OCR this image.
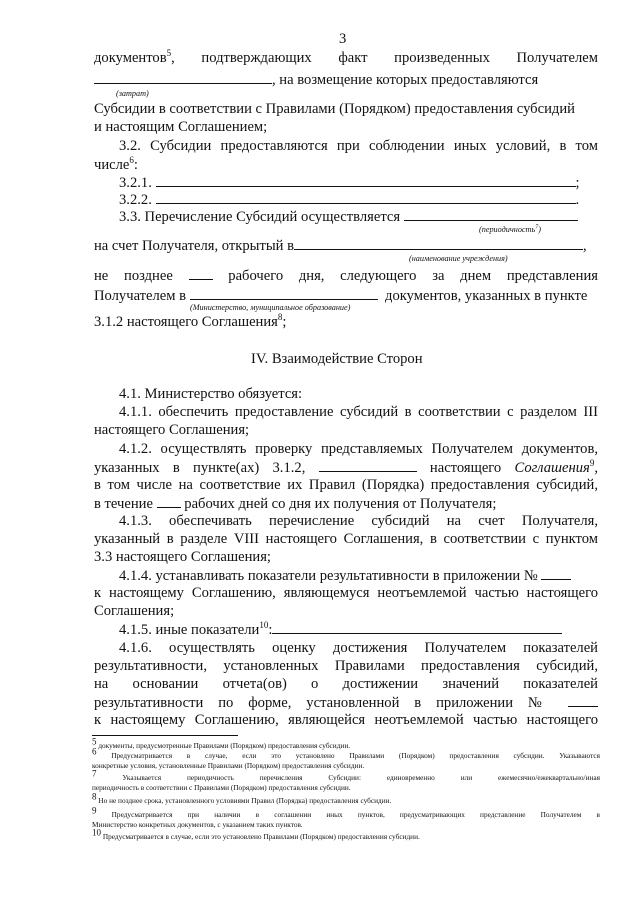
3
документов$^5$, подтверждающих факт произведенных Получателем
, на возмещение которых предоставляются
(затрат)
Субсидии в соответствии с Правилами (Порядком) предоставления субсидий
и настоящим Соглашением;
3.2. Субсидии предоставляются при соблюдении иных условий, в том
числе$^6$:
3.2.1.	;
3.2.2.	.
3.3. Перечисление Субсидий осуществляется
(периодичность$^7$)
на счет Получателя, открытый в	,
(наименование учреждения)
не позднее	рабочего дня, следующего за днем представления
Получателем в	документов, указанных в пункте
(Министерство, муниципальное образование)
3.1.2 настоящего Соглашения$^8$;
IV. Взаимодействие Сторон
4.1. Министерство обязуется:
4.1.1. обеспечить предоставление субсидий в соответствии с разделом III
настоящего Соглашения;
4.1.2. осуществлять проверку представляемых Получателем документов,
указанных в пункте(ах) 3.1.2,	настоящего Соглашения$^9$,
в том числе на соответствие их Правил (Порядка) предоставления субсидий,
в течение рабочих дней со дня их получения от Получателя;
4.1.3. обеспечивать перечисление субсидий на счет Получателя,
указанный в разделе VIII настоящего Соглашения, в соответствии с пунктом
3.3 настоящего Соглашения;
4.1.4. устанавливать показатели результативности в приложении №
к настоящему Соглашению, являющемуся неотъемлемой частью настоящего
Соглашения;
4.1.5. иные показатели$^{10}$:
4.1.6. осуществлять оценку достижения Получателем показателей
результативности, установленных Правилами предоставления субсидий,
на основании отчета(ов) о достижении значений показателей
результативности по форме, установленной в приложении №
к настоящему Соглашению, являющейся неотъемлемой частью настоящего
$^5$ документы, предусмотренные Правилами (Порядком) предоставления субсидии.
$^6$ Предусматривается в случае, если это установлено Правилами (Порядком) предоставления субсидии. Указываются
конкретные условия, установленные Правилами (Порядком) предоставления субсидии.
$^7$ Указывается периодичность перечисления Субсидии: единовременно или ежемесячно/ежеквартально/иная
периодичность в соответствии с Правилами (Порядком) предоставления субсидии.
$^8$ Но не позднее срока, установленного условиями Правил (Порядка) предоставления субсидии.
$^9$ Предусматривается при наличии в соглашении иных пунктов, предусматривающих представление Получателем в
Министерство конкретных документов, с указанием таких пунктов.
$^{10}$ Предусматривается в случае, если это установлено Правилами (Порядком) предоставления субсидии.
